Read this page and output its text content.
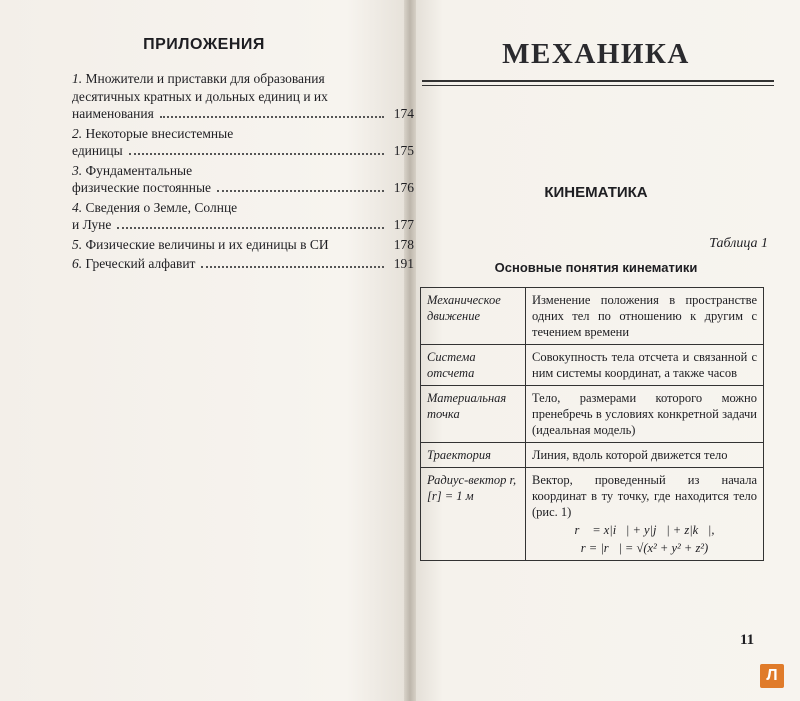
ПРИЛОЖЕНИЯ
1. Множители и приставки для образования
десятичных кратных и дольных единиц и их
наименования	174
2. Некоторые внесистемные
единицы	175
3. Фундаментальные
физические постоянные	176
4. Сведения о Земле, Солнце
и Луне	177
5. Физические величины и их единицы в СИ	178
6. Греческий алфавит	191
МЕХАНИКА
КИНЕМАТИКА
Таблица 1
Основные понятия кинематики
Механическое движение	Изменение положения в пространстве одних тел по отношению к другим с течением времени
Система отсчета	Совокупность тела отсчета и связанной с ним системы координат, а также часов
Материальная точка	Тело, размерами которого можно пренебречь в условиях конкретной задачи (идеальная модель)
Траектория	Линия, вдоль которой движется тело
Радиус-вектор r, [r] = 1 м	Вектор, проведенный из начала координат в ту точку, где находится тело (рис. 1)
r⃗ = x|i⃗| + y|j⃗| + z|k⃗|,
r = |r⃗| = √(x² + y² + z²)
11
Л
